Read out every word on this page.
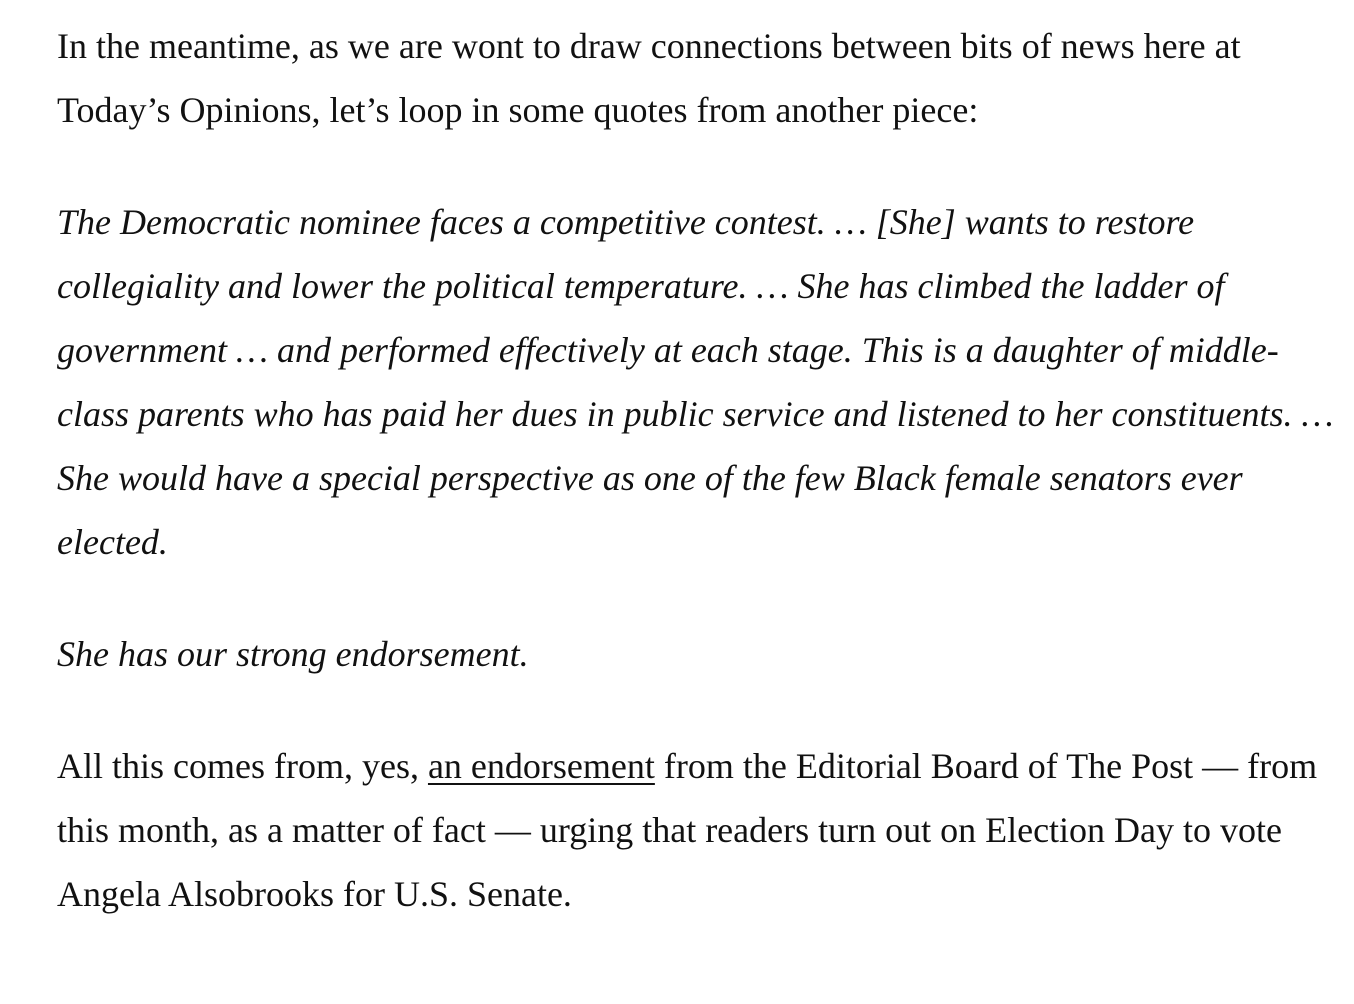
In the meantime, as we are wont to draw connections between bits of news here at Today’s Opinions, let’s loop in some quotes from another piece:

The Democratic nominee faces a competitive contest. … [She] wants to restore collegiality and lower the political temperature. … She has climbed the ladder of government … and performed effectively at each stage. This is a daughter of middle-class parents who has paid her dues in public service and listened to her constituents. … She would have a special perspective as one of the few Black female senators ever elected.

She has our strong endorsement.

All this comes from, yes, an endorsement from the Editorial Board of The Post — from this month, as a matter of fact — urging that readers turn out on Election Day to vote Angela Alsobrooks for U.S. Senate.
